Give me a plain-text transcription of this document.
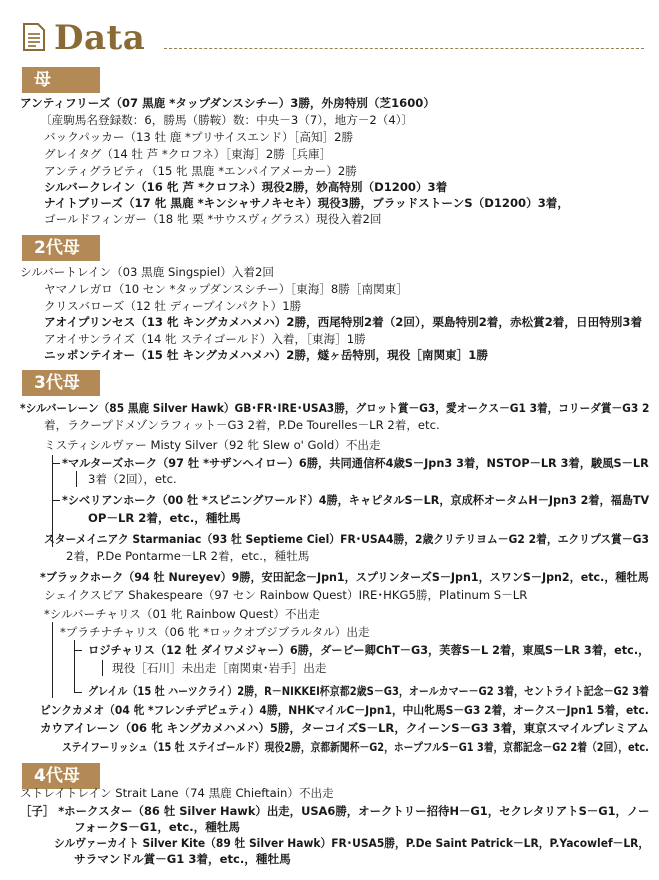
Data
母
アンティフリーズ（07 黒鹿 *タップダンスシチー）3勝，外房特別（芝1600）
〔産駒馬名登録数：6，勝馬（勝鞍）数：中央－3（7），地方－2（4）〕
バックパッカー（13 牡 鹿 *プリサイスエンド）［高知］2勝
グレイタグ（14 牡 芦 *クロフネ）［東海］2勝［兵庫］
アンティグラビティ（15 牝 黒鹿 *エンパイアメーカー）2勝
シルバークレイン（16 牝 芦 *クロフネ）現役2勝，妙高特別（D1200）3着
ナイトブリーズ（17 牝 黒鹿 *キンシャサノキセキ）現役3勝，ブラッドストーンS（D1200）3着，
ゴールドフィンガー（18 牝 栗 *サウスヴィグラス）現役入着2回
2代母
シルバートレイン（03 黒鹿 Singspiel）入着2回
ヤマノレガロ（10 セン *タップダンスシチー）［東海］8勝［南関東］
クリスバローズ（12 牡 ディープインパクト）1勝
アオイプリンセス（13 牝 キングカメハメハ）2勝，西尾特別2着（2回），栗島特別2着，赤松賞2着，日田特別3着
アオイサンライズ（14 牝 ステイゴールド）入着，［東海］1勝
ニッポンテイオー（15 牡 キングカメハメハ）2勝，燧ヶ岳特別，現役［南関東］1勝
3代母
*シルバーレーン（85 黒鹿 Silver Hawk）GB･FR･IRE･USA3勝，グロット賞－G3，愛オークス－G1 3着，コリーダ賞－G3 2
着，ラクープドメゾンラフィット－G3 2着，P.De Tourelles－LR 2着，etc.
ミスティシルヴァー Misty Silver（92 牝 Slew o' Gold）不出走
*マルターズホーク（97 牡 *サザンヘイロー）6勝，共同通信杯4歳S－Jpn3 3着，NSTOP－LR 3着，駿風S－LR
3着（2回），etc.
*シベリアンホーク（00 牡 *スピニングワールド）4勝，キャピタルS－LR，京成杯オータムH－Jpn3 2着，福島TV
OP－LR 2着，etc.，種牡馬
スターメイニアク Starmaniac（93 牡 Septieme Ciel）FR･USA4勝，2歳クリテリヨム－G2 2着，エクリプス賞－G3
2着，P.De Pontarme－LR 2着，etc.，種牡馬
*ブラックホーク（94 牡 Nureyev）9勝，安田記念－Jpn1，スプリンターズS－Jpn1，スワンS－Jpn2，etc.，種牡馬
シェイクスピア Shakespeare（97 セン Rainbow Quest）IRE･HKG5勝，Platinum S－LR
*シルバーチャリス（01 牝 Rainbow Quest）不出走
*プラチナチャリス（06 牝 *ロックオブジブラルタル）出走
ロジチャリス（12 牡 ダイワメジャー）6勝，ダービー卿ChT－G3，芙蓉S－L 2着，東風S－LR 3着，etc.，
現役［石川］未出走［南関東･岩手］出走
グレイル（15 牡 ハーツクライ）2勝，R－NIKKEI杯京都2歳S－G3，オールカマー－G2 3着，セントライト記念－G2 3着
ピンクカメオ（04 牝 *フレンチデピュティ）4勝，NHKマイルC－Jpn1，中山牝馬S－G3 2着，オークス－Jpn1 5着，etc.
カウアイレーン（06 牝 キングカメハメハ）5勝，ターコイズS－LR，クイーンS－G3 3着，東京スマイルプレミアム
ステイフーリッシュ（15 牡 ステイゴールド）現役2勝，京都新聞杯－G2，ホープフルS－G1 3着，京都記念－G2 2着（2回），etc.
4代母
ストレイトレイン Strait Lane（74 黒鹿 Chieftain）不出走
［子］ *ホークスター（86 牡 Silver Hawk）出走，USA6勝，オークトリー招待H－G1，セクレタリアトS－G1，ノー
フォークS－G1，etc.，種牡馬
シルヴァーカイト Silver Kite（89 牡 Silver Hawk）FR･USA5勝，P.De Saint Patrick－LR，P.Yacowlef－LR，
サラマンドル賞－G1 3着，etc.，種牡馬
